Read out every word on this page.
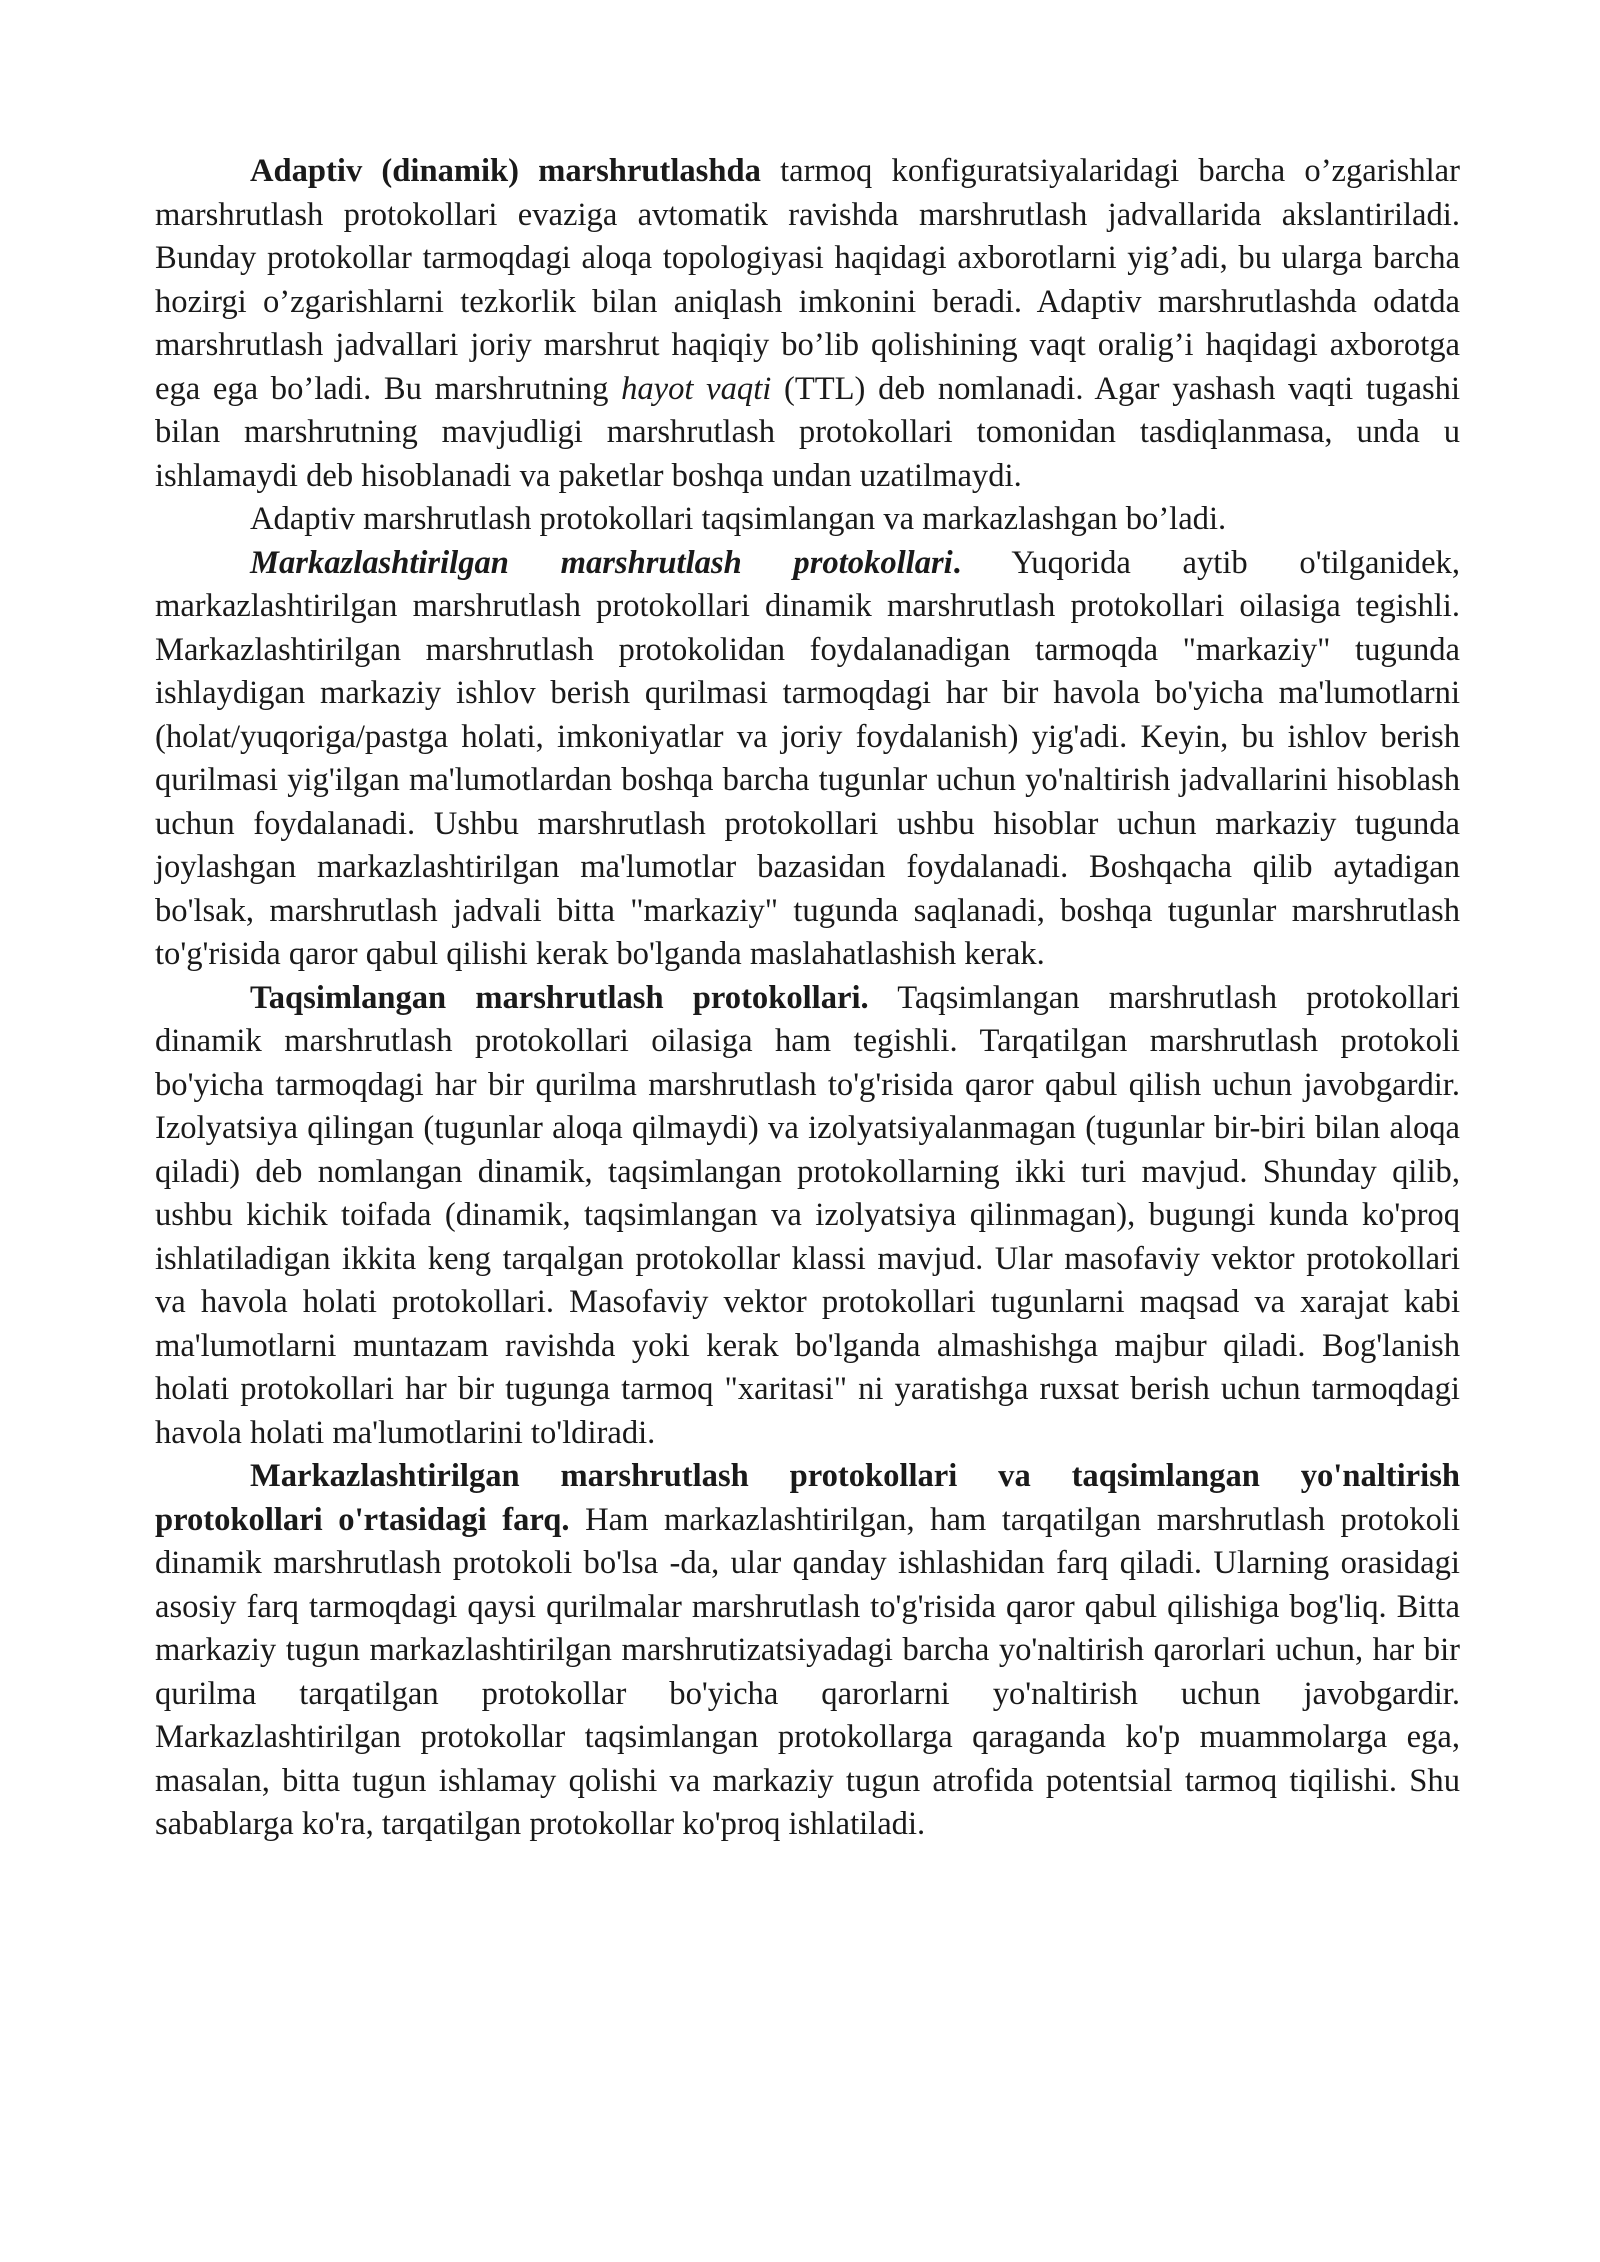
Adaptiv (dinamik) marshrutlashda tarmoq konfiguratsiyalaridagi barcha o’zgarishlar marshrutlash protokollari evaziga avtomatik ravishda marshrutlash jadvallarida akslantiriladi. Bunday protokollar tarmoqdagi aloqa topologiyasi haqidagi axborotlarni yig’adi, bu ularga barcha hozirgi o’zgarishlarni tezkorlik bilan aniqlash imkonini beradi. Adaptiv marshrutlashda odatda marshrutlash jadvallari joriy marshrut haqiqiy bo’lib qolishining vaqt oralig’i haqidagi axborotga ega ega bo’ladi. Bu marshrutning hayot vaqti (TTL) deb nomlanadi. Agar yashash vaqti tugashi bilan marshrutning mavjudligi marshrutlash protokollari tomonidan tasdiqlanmasa, unda u ishlamaydi deb hisoblanadi va paketlar boshqa undan uzatilmaydi.

Adaptiv marshrutlash protokollari taqsimlangan va markazlashgan bo’ladi.

Markazlashtirilgan marshrutlash protokollari. Yuqorida aytib o'tilganidek, markazlashtirilgan marshrutlash protokollari dinamik marshrutlash protokollari oilasiga tegishli. Markazlashtirilgan marshrutlash protokolidan foydalanadigan tarmoqda "markaziy" tugunda ishlaydigan markaziy ishlov berish qurilmasi tarmoqdagi har bir havola bo'yicha ma'lumotlarni (holat/yuqoriga/pastga holati, imkoniyatlar va joriy foydalanish) yig'adi. Keyin, bu ishlov berish qurilmasi yig'ilgan ma'lumotlardan boshqa barcha tugunlar uchun yo'naltirish jadvallarini hisoblash uchun foydalanadi. Ushbu marshrutlash protokollari ushbu hisoblar uchun markaziy tugunda joylashgan markazlashtirilgan ma'lumotlar bazasidan foydalanadi. Boshqacha qilib aytadigan bo'lsak, marshrutlash jadvali bitta "markaziy" tugunda saqlanadi, boshqa tugunlar marshrutlash to'g'risida qaror qabul qilishi kerak bo'lganda maslahatlashish kerak.

Taqsimlangan marshrutlash protokollari. Taqsimlangan marshrutlash protokollari dinamik marshrutlash protokollari oilasiga ham tegishli. Tarqatilgan marshrutlash protokoli bo'yicha tarmoqdagi har bir qurilma marshrutlash to'g'risida qaror qabul qilish uchun javobgardir. Izolyatsiya qilingan (tugunlar aloqa qilmaydi) va izolyatsiyalanmagan (tugunlar bir-biri bilan aloqa qiladi) deb nomlangan dinamik, taqsimlangan protokollarning ikki turi mavjud. Shunday qilib, ushbu kichik toifada (dinamik, taqsimlangan va izolyatsiya qilinmagan), bugungi kunda ko'proq ishlatiladigan ikkita keng tarqalgan protokollar klassi mavjud. Ular masofaviy vektor protokollari va havola holati protokollari. Masofaviy vektor protokollari tugunlarni maqsad va xarajat kabi ma'lumotlarni muntazam ravishda yoki kerak bo'lganda almashishga majbur qiladi. Bog'lanish holati protokollari har bir tugunga tarmoq "xaritasi" ni yaratishga ruxsat berish uchun tarmoqdagi havola holati ma'lumotlarini to'ldiradi.

Markazlashtirilgan marshrutlash protokollari va taqsimlangan yo'naltirish protokollari o'rtasidagi farq. Ham markazlashtirilgan, ham tarqatilgan marshrutlash protokoli dinamik marshrutlash protokoli bo'lsa -da, ular qanday ishlashidan farq qiladi. Ularning orasidagi asosiy farq tarmoqdagi qaysi qurilmalar marshrutlash to'g'risida qaror qabul qilishiga bog'liq. Bitta markaziy tugun markazlashtirilgan marshrutizatsiyadagi barcha yo'naltirish qarorlari uchun, har bir qurilma tarqatilgan protokollar bo'yicha qarorlarni yo'naltirish uchun javobgardir. Markazlashtirilgan protokollar taqsimlangan protokollarga qaraganda ko'p muammolarga ega, masalan, bitta tugun ishlamay qolishi va markaziy tugun atrofida potentsial tarmoq tiqilishi. Shu sabablarga ko'ra, tarqatilgan protokollar ko'proq ishlatiladi.
